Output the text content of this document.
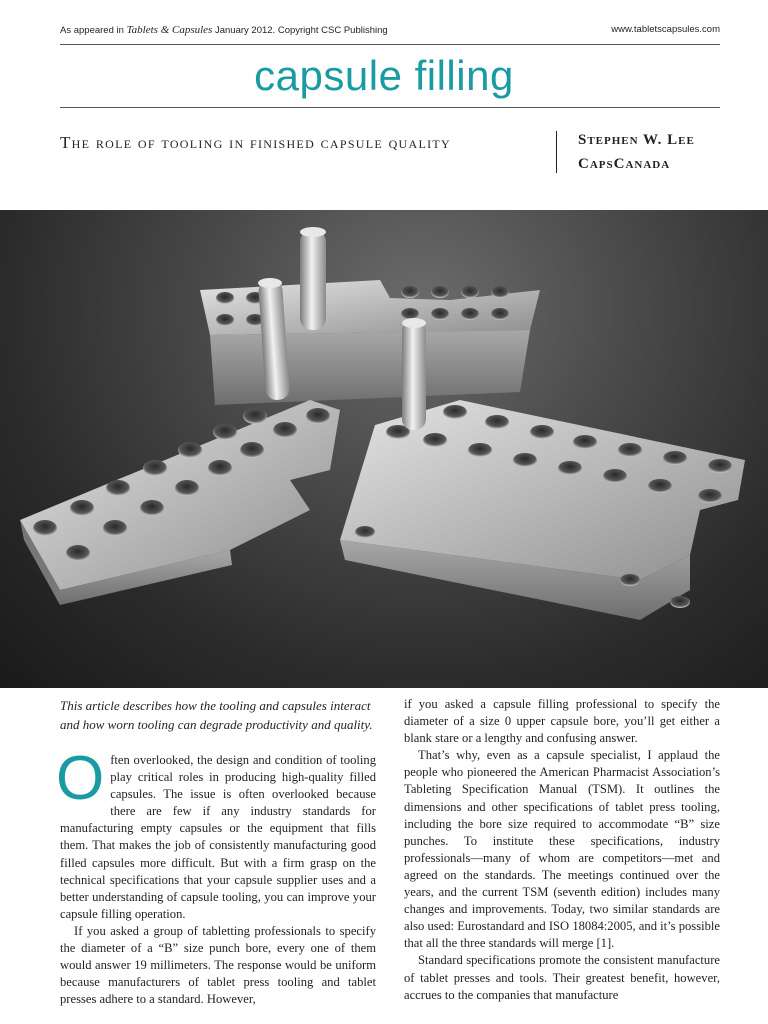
As appeared in Tablets & Capsules January 2012. Copyright CSC Publishing	www.tabletscapsules.com
capsule filling
The role of tooling in finished capsule quality	Stephen W. Lee
CapsCanada

This article describes how the tooling and capsules interact and how worn tooling can degrade productivity and quality.

Often overlooked, the design and condition of tooling play critical roles in producing high-quality filled capsules. The issue is often overlooked because there are few if any industry standards for manufacturing empty capsules or the equipment that fills them. That makes the job of consistently manufacturing good filled capsules more difficult. But with a firm grasp on the technical specifications that your capsule supplier uses and a better understanding of capsule tooling, you can improve your capsule filling operation.

If you asked a group of tabletting professionals to specify the diameter of a “B” size punch bore, every one of them would answer 19 millimeters. The response would be uniform because manufacturers of tablet press tooling and tablet presses adhere to a standard. However,

if you asked a capsule filling professional to specify the diameter of a size 0 upper capsule bore, you’ll get either a blank stare or a lengthy and confusing answer.

That’s why, even as a capsule specialist, I applaud the people who pioneered the American Pharmacist Association’s Tableting Specification Manual (TSM). It outlines the dimensions and other specifications of tablet press tooling, including the bore size required to accommodate “B” size punches. To institute these specifications, industry professionals—many of whom are competitors—met and agreed on the standards. The meetings continued over the years, and the current TSM (seventh edition) includes many changes and improvements. Today, two similar standards are also used: Eurostandard and ISO 18084:2005, and it’s possible that all the three standards will merge [1].

Standard specifications promote the consistent manufacture of tablet presses and tools. Their greatest benefit, however, accrues to the companies that manufacture
